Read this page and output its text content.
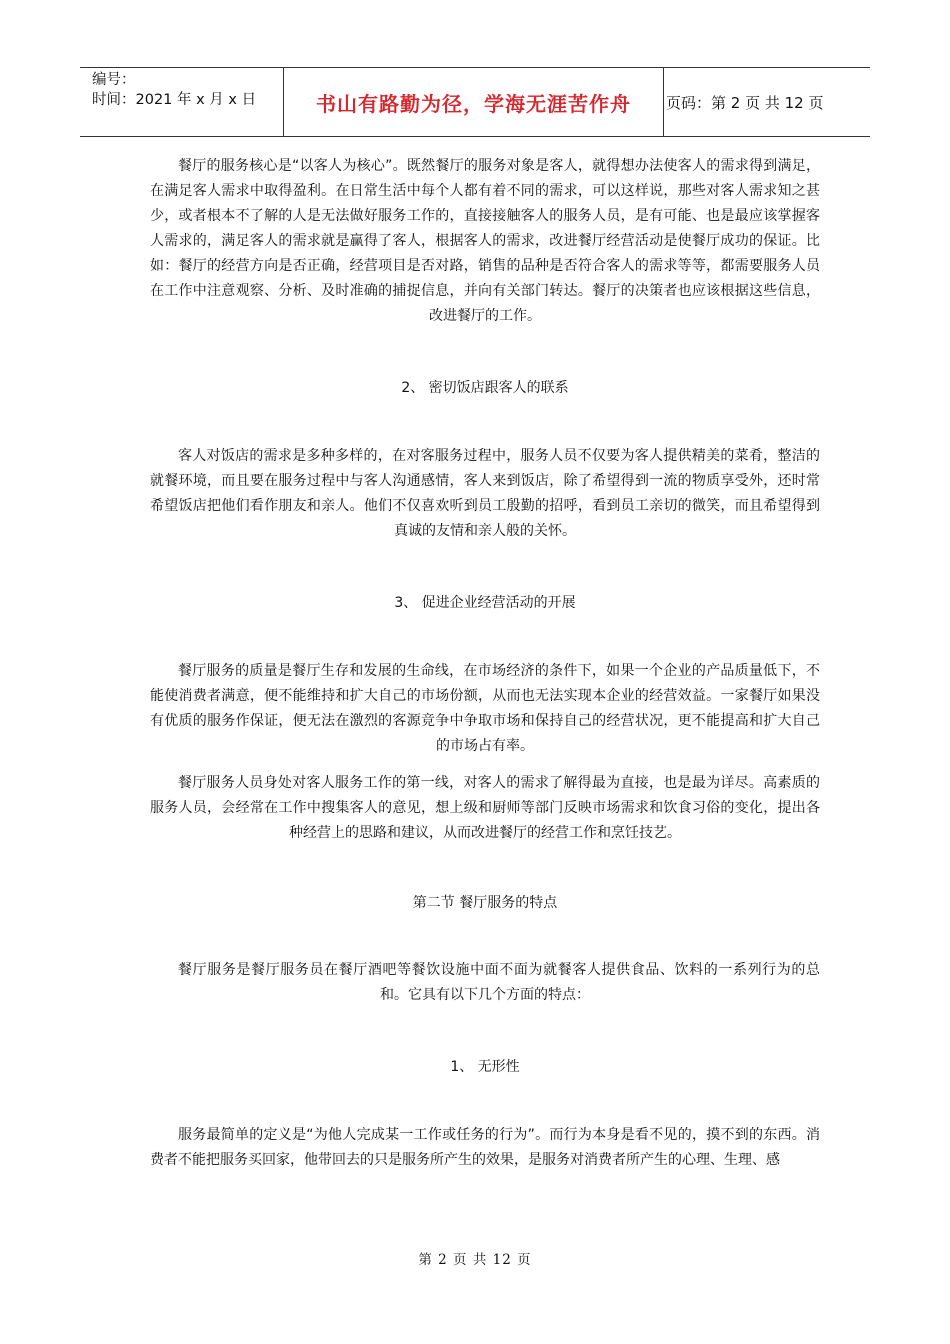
编号：
时间：2021 年 x 月 x 日	书山有路勤为径，学海无涯苦作舟	页码：第 2 页 共 12 页

餐厅的服务核心是“以客人为核心”。既然餐厅的服务对象是客人，就得想办法使客人的需求得到满足，在满足客人需求中取得盈利。在日常生活中每个人都有着不同的需求，可以这样说，那些对客人需求知之甚少，或者根本不了解的人是无法做好服务工作的，直接接触客人的服务人员，是有可能、也是最应该掌握客人需求的，满足客人的需求就是赢得了客人，根据客人的需求，改进餐厅经营活动是使餐厅成功的保证。比如：餐厅的经营方向是否正确，经营项目是否对路，销售的品种是否符合客人的需求等等，都需要服务人员在工作中注意观察、分析、及时准确的捕捉信息，并向有关部门转达。餐厅的决策者也应该根据这些信息，改进餐厅的工作。

2、 密切饭店跟客人的联系

客人对饭店的需求是多种多样的，在对客服务过程中，服务人员不仅要为客人提供精美的菜肴，整洁的就餐环境，而且要在服务过程中与客人沟通感情，客人来到饭店，除了希望得到一流的物质享受外，还时常希望饭店把他们看作朋友和亲人。他们不仅喜欢听到员工殷勤的招呼，看到员工亲切的微笑，而且希望得到真诚的友情和亲人般的关怀。

3、 促进企业经营活动的开展

餐厅服务的质量是餐厅生存和发展的生命线，在市场经济的条件下，如果一个企业的产品质量低下，不能使消费者满意，便不能维持和扩大自己的市场份额，从而也无法实现本企业的经营效益。一家餐厅如果没有优质的服务作保证，便无法在激烈的客源竞争中争取市场和保持自己的经营状况，更不能提高和扩大自己的市场占有率。

餐厅服务人员身处对客人服务工作的第一线，对客人的需求了解得最为直接，也是最为详尽。高素质的服务人员，会经常在工作中搜集客人的意见，想上级和厨师等部门反映市场需求和饮食习俗的变化，提出各种经营上的思路和建议，从而改进餐厅的经营工作和烹饪技艺。

第二节 餐厅服务的特点

餐厅服务是餐厅服务员在餐厅酒吧等餐饮设施中面不面为就餐客人提供食品、饮料的一系列行为的总和。它具有以下几个方面的特点：

1、 无形性

服务最简单的定义是“为他人完成某一工作或任务的行为”。而行为本身是看不见的，摸不到的东西。消费者不能把服务买回家，他带回去的只是服务所产生的效果，是服务对消费者所产生的心理、生理、感

第 2 页 共 12 页
